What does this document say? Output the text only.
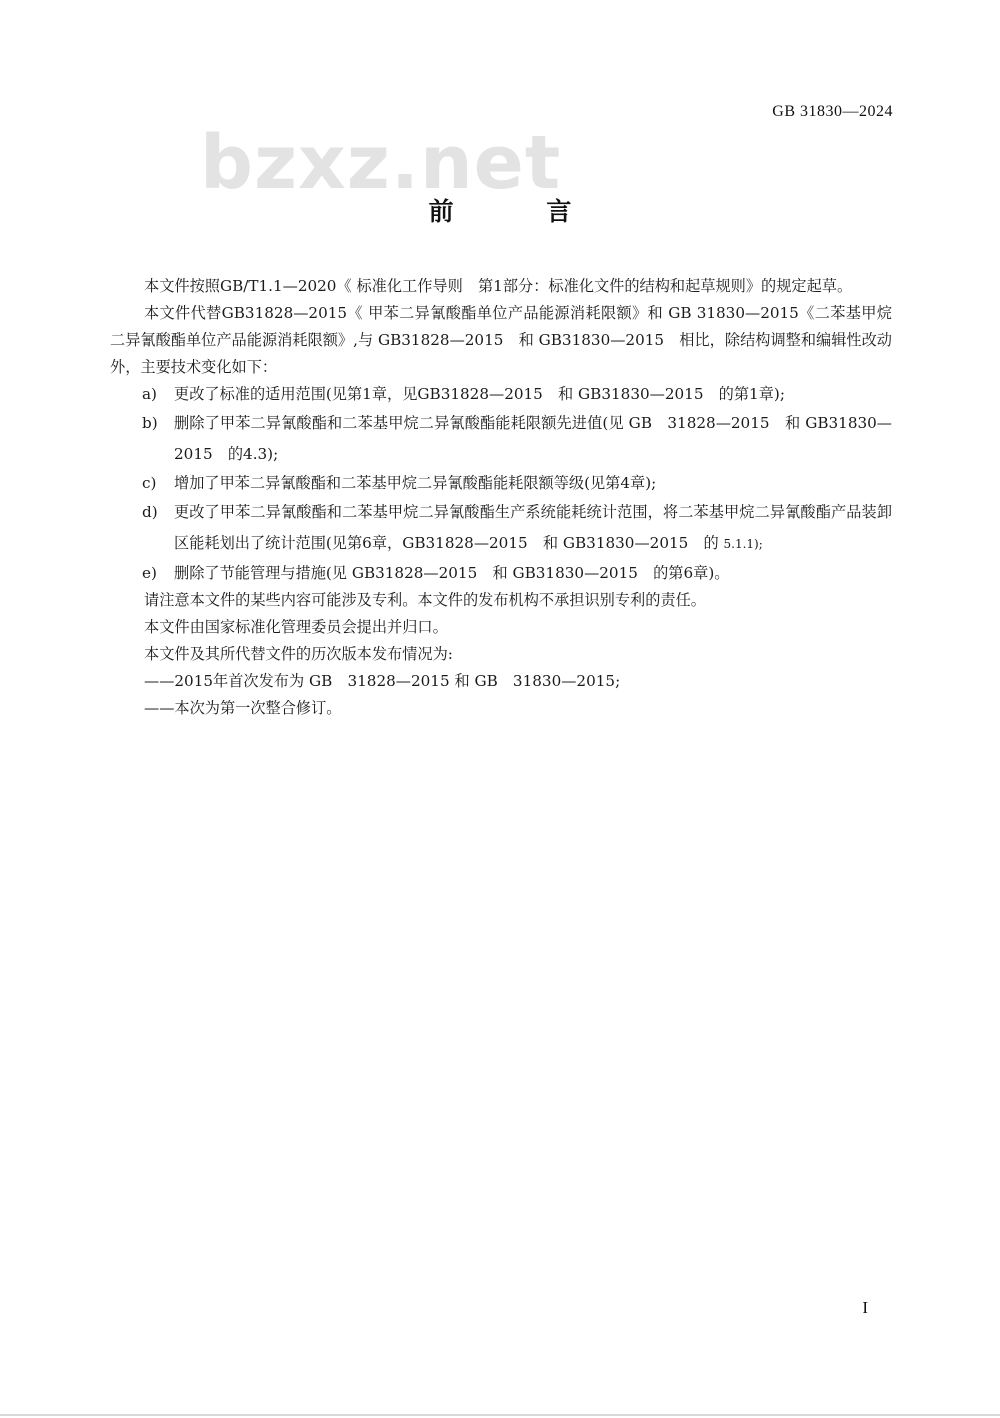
GB 31830—2024
bzxz.net
前 言

本文件按照GB/T1.1—2020《 标准化工作导则　第1部分：标准化文件的结构和起草规则》的规定起草。

本文件代替GB31828—2015《 甲苯二异氰酸酯单位产品能源消耗限额》和 GB 31830—2015《二苯基甲烷二异氰酸酯单位产品能源消耗限额》,与 GB31828—2015　和 GB31830—2015　相比，除结构调整和编辑性改动外，主要技术变化如下：

a) 更改了标准的适用范围(见第1章，见GB31828—2015　和 GB31830—2015　的第1章);
b) 删除了甲苯二异氰酸酯和二苯基甲烷二异氰酸酯能耗限额先进值(见 GB　31828—2015　和 GB31830—2015　的4.3);
c) 增加了甲苯二异氰酸酯和二苯基甲烷二异氰酸酯能耗限额等级(见第4章);
d) 更改了甲苯二异氰酸酯和二苯基甲烷二异氰酸酯生产系统能耗统计范围，将二苯基甲烷二异氰酸酯产品装卸区能耗划出了统计范围(见第6章，GB31828—2015　和 GB31830—2015　的 5.1.1);
e) 删除了节能管理与措施(见 GB31828—2015　和 GB31830—2015　的第6章)。

请注意本文件的某些内容可能涉及专利。本文件的发布机构不承担识别专利的责任。

本文件由国家标准化管理委员会提出并归口。

本文件及其所代替文件的历次版本发布情况为:

——2015年首次发布为 GB　31828—2015 和 GB　31830—2015;

——本次为第一次整合修订。

I
